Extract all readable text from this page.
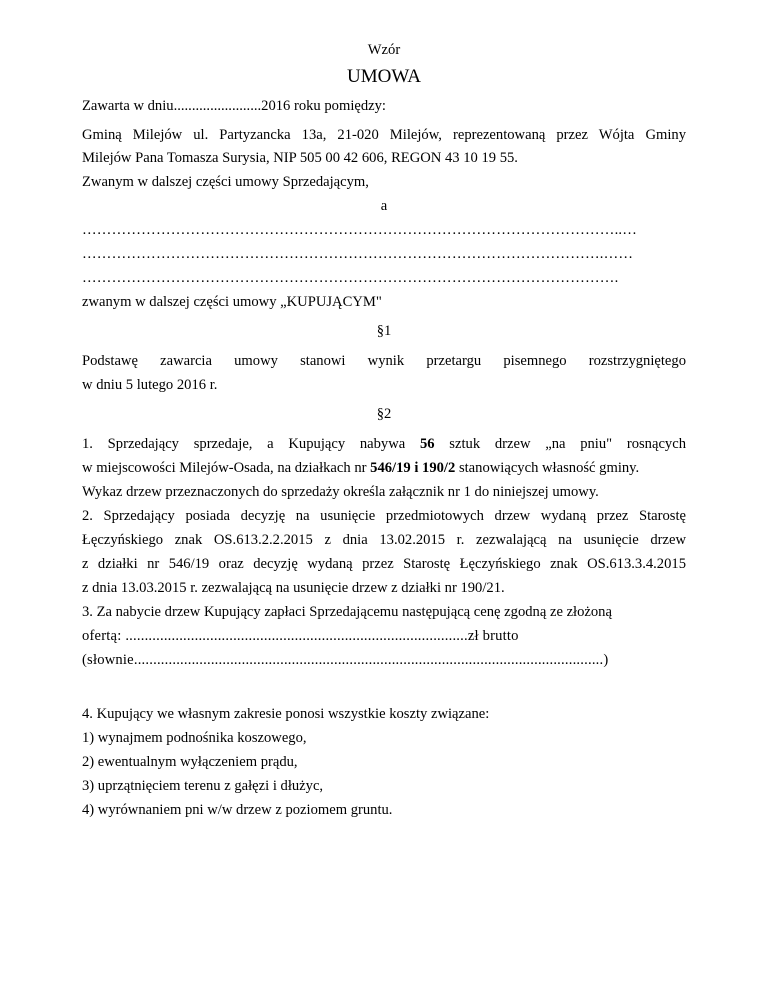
Wzór
UMOWA
Zawarta w dniu........................2016 roku pomiędzy:
Gminą Milejów ul. Partyzancka 13a, 21-020 Milejów, reprezentowaną przez Wójta Gminy
Milejów Pana Tomasza Surysia, NIP 505 00 42 606, REGON 43 10 19 55.
Zwanym w dalszej części umowy Sprzedającym,
a
………………………………………………………………………………………………..…
…………………………………………………………………………………………….……
……………………………………………………………………………………………….
zwanym w dalszej części umowy „KUPUJĄCYM"
§1
Podstawę zawarcia umowy stanowi wynik przetargu pisemnego rozstrzygniętego
w dniu 5 lutego 2016 r.
§2
1. Sprzedający sprzedaje, a Kupujący nabywa 56 sztuk drzew „na pniu" rosnących
w miejscowości Milejów-Osada, na działkach nr 546/19 i 190/2 stanowiących własność gminy.
Wykaz drzew przeznaczonych do sprzedaży określa załącznik nr 1 do niniejszej umowy.
2. Sprzedający posiada decyzję na usunięcie przedmiotowych drzew wydaną przez Starostę
Łęczyńskiego znak OS.613.2.2.2015 z dnia 13.02.2015 r. zezwalającą na usunięcie drzew
z działki nr 546/19 oraz decyzję wydaną przez Starostę Łęczyńskiego znak OS.613.3.4.2015
z dnia 13.03.2015 r. zezwalającą na usunięcie drzew z działki nr 190/21.
3. Za nabycie drzew Kupujący zapłaci Sprzedającemu następującą cenę zgodną ze złożoną
ofertą: .........................................................................................zł brutto
(słownie..........................................................................................................................)
4. Kupujący we własnym zakresie ponosi wszystkie koszty związane:
1) wynajmem podnośnika koszowego,
2) ewentualnym wyłączeniem prądu,
3) uprzątnięciem terenu z gałęzi i dłużyc,
4) wyrównaniem pni w/w drzew z poziomem gruntu.
